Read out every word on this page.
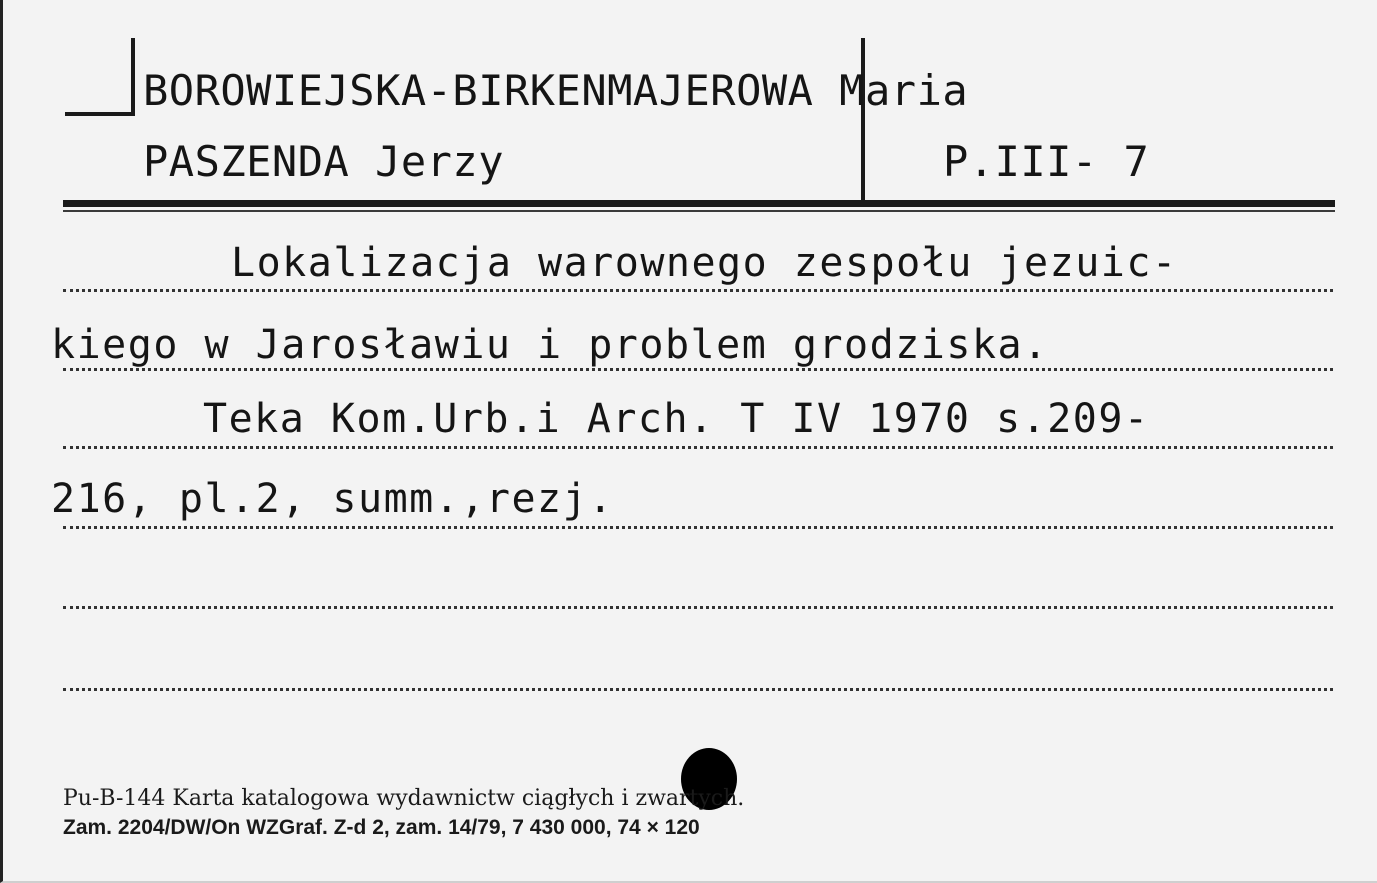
BOROWIEJSKA-BIRKENMAJEROWA Maria
PASZENDA Jerzy	P.III- 7
Lokalizacja warownego zespołu jezuic-
kiego w Jarosławiu i problem grodziska.
Teka Kom.Urb.i Arch. T IV 1970 s.209-
216, pl.2, summ.,rezj.
Pu-B-144 Karta katalogowa wydawnictw ciągłych i zwartych.
Zam. 2204/DW/On WZGraf. Z-d 2, zam. 14/79, 7 430 000, 74 × 120
